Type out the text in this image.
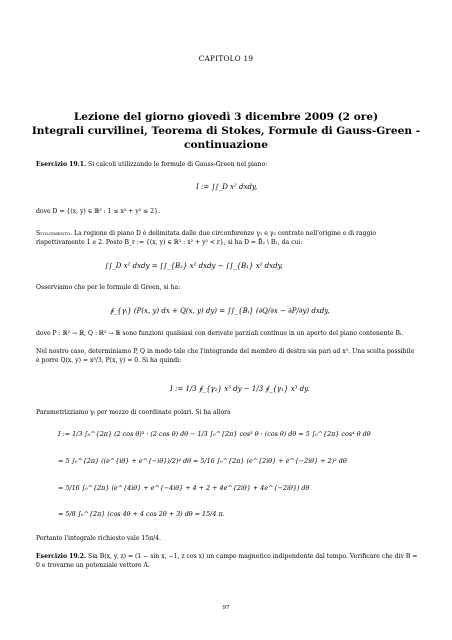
CAPITOLO 19
Lezione del giorno giovedì 3 dicembre 2009 (2 ore)
Integrali curvilinei, Teorema di Stokes, Formule di Gauss-Green -
continuazione
Esercizio 19.1. Si calcoli utilizzando le formule di Gauss-Green nel piano:
I := ∫∫_D x² dxdy,
dove D = {(x, y) ∈ ℝ² : 1 ≤ x² + y² ≤ 2}.
Svolgimento. La regione di piano D è delimitata dalle due circonferenze γ₁ e γ₂ centrate nell'origine e di raggio rispettivamente 1 e 2. Posto B_r := {(x, y) ∈ ℝ² : x² + y² < r}, si ha D = B̄₂ \ B₁, da cui:
∫∫_D x² dxdy = ∫∫_{B₂} x² dxdy − ∫∫_{B₁} x² dxdy,
Osserviamo che per le formule di Green, si ha:
∮_{γᵢ} (P(x, y) dx + Q(x, y) dy) = ∫∫_{Bᵢ} (∂Q/∂x − ∂P/∂y) dxdy,
dove P : ℝ² → ℝ, Q : ℝ² → ℝ sono funzioni qualsiasi con derivate parziali continue in un aperto del piano contenente Bᵢ.
Nel nostro caso, determiniamo P, Q in modo tale che l'integranda del membro di destra sia pari ad x². Una scelta possibile è porre Q(x, y) = x³/3, P(x, y) = 0. Si ha quindi:
I := 1/3 ∮_{γ₂} x³ dy − 1/3 ∮_{γ₁} x³ dy.
Parametrizziamo γᵢ per mezzo di coordinate polari. Si ha allora
I := 1/3 ∫₀^{2π} (2 cos θ)³ · (2 cos θ) dθ − 1/3 ∫₀^{2π} cos³ θ · (cos θ) dθ = 5 ∫₀^{2π} cos⁴ θ dθ
= 5 ∫₀^{2π} ((e^{iθ} + e^{−iθ})/2)⁴ dθ = 5/16 ∫₀^{2π} (e^{2iθ} + e^{−2iθ} + 2)² dθ
= 5/16 ∫₀^{2π} (e^{4iθ} + e^{−4iθ} + 4 + 2 + 4e^{2iθ} + 4e^{−2iθ}) dθ
= 5/8 ∫₀^{2π} (cos 4θ + 4 cos 2θ + 3) dθ = 15/4 π.
Pertanto l'integrale richiesto vale 15π/4.
Esercizio 19.2. Sia B(x, y, z) = (1 − sin x, −1, z cos x) un campo magnetico indipendente dal tempo. Verificare che div B = 0 e trovarne un potenziale vettore A.
97
